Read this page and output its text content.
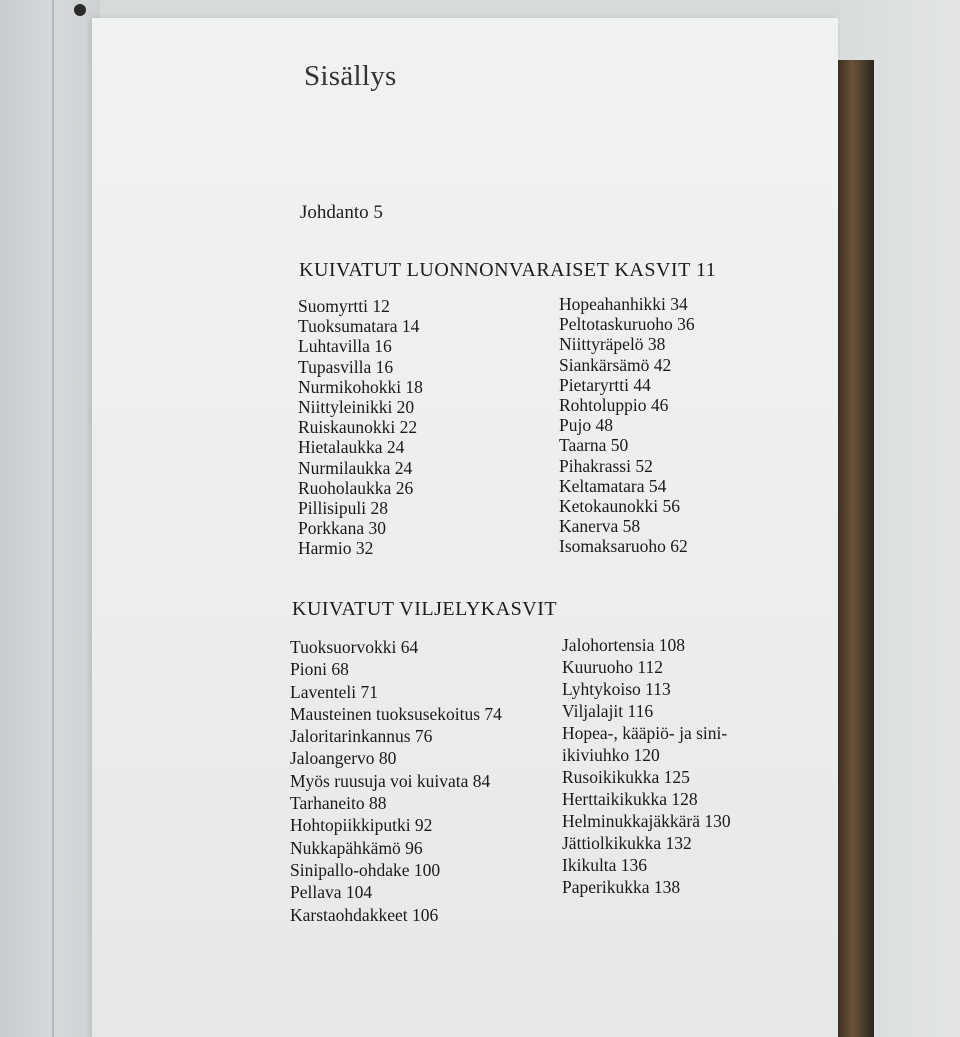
Sisällys
Johdanto 5
KUIVATUT LUONNONVARAISET KASVIT 11
Suomyrtti 12
Tuoksumatara 14
Luhtavilla 16
Tupasvilla 16
Nurmikohokki 18
Niittyleinikki 20
Ruiskaunokki 22
Hietalaukka 24
Nurmilaukka 24
Ruoholaukka 26
Pillisipuli 28
Porkkana 30
Harmio 32
Hopeahanhikki 34
Peltotaskuruoho 36
Niittyräpelö 38
Siankärsämö 42
Pietaryrtti 44
Rohtoluppio 46
Pujo 48
Taarna 50
Pihakrassi 52
Keltamatara 54
Ketokaunokki 56
Kanerva 58
Isomaksaruoho 62
KUIVATUT VILJELYKASVIT
Tuoksuorvokki 64
Pioni 68
Laventeli 71
Mausteinen tuoksusekoitus 74
Jaloritarinkannus 76
Jaloangervo 80
Myös ruusuja voi kuivata 84
Tarhaneito 88
Hohtopiikkiputki 92
Nukkapähkämö 96
Sinipallo-ohdake 100
Pellava 104
Karstaohdakkeet 106
Jalohortensia 108
Kuuruoho 112
Lyhtykoiso 113
Viljalajit 116
Hopea-, kääpiö- ja sini-
ikiviuhko 120
Rusoikikukka 125
Herttaikikukka 128
Helminukkajäkkärä 130
Jättiolkikukka 132
Ikikulta 136
Paperikukka 138
